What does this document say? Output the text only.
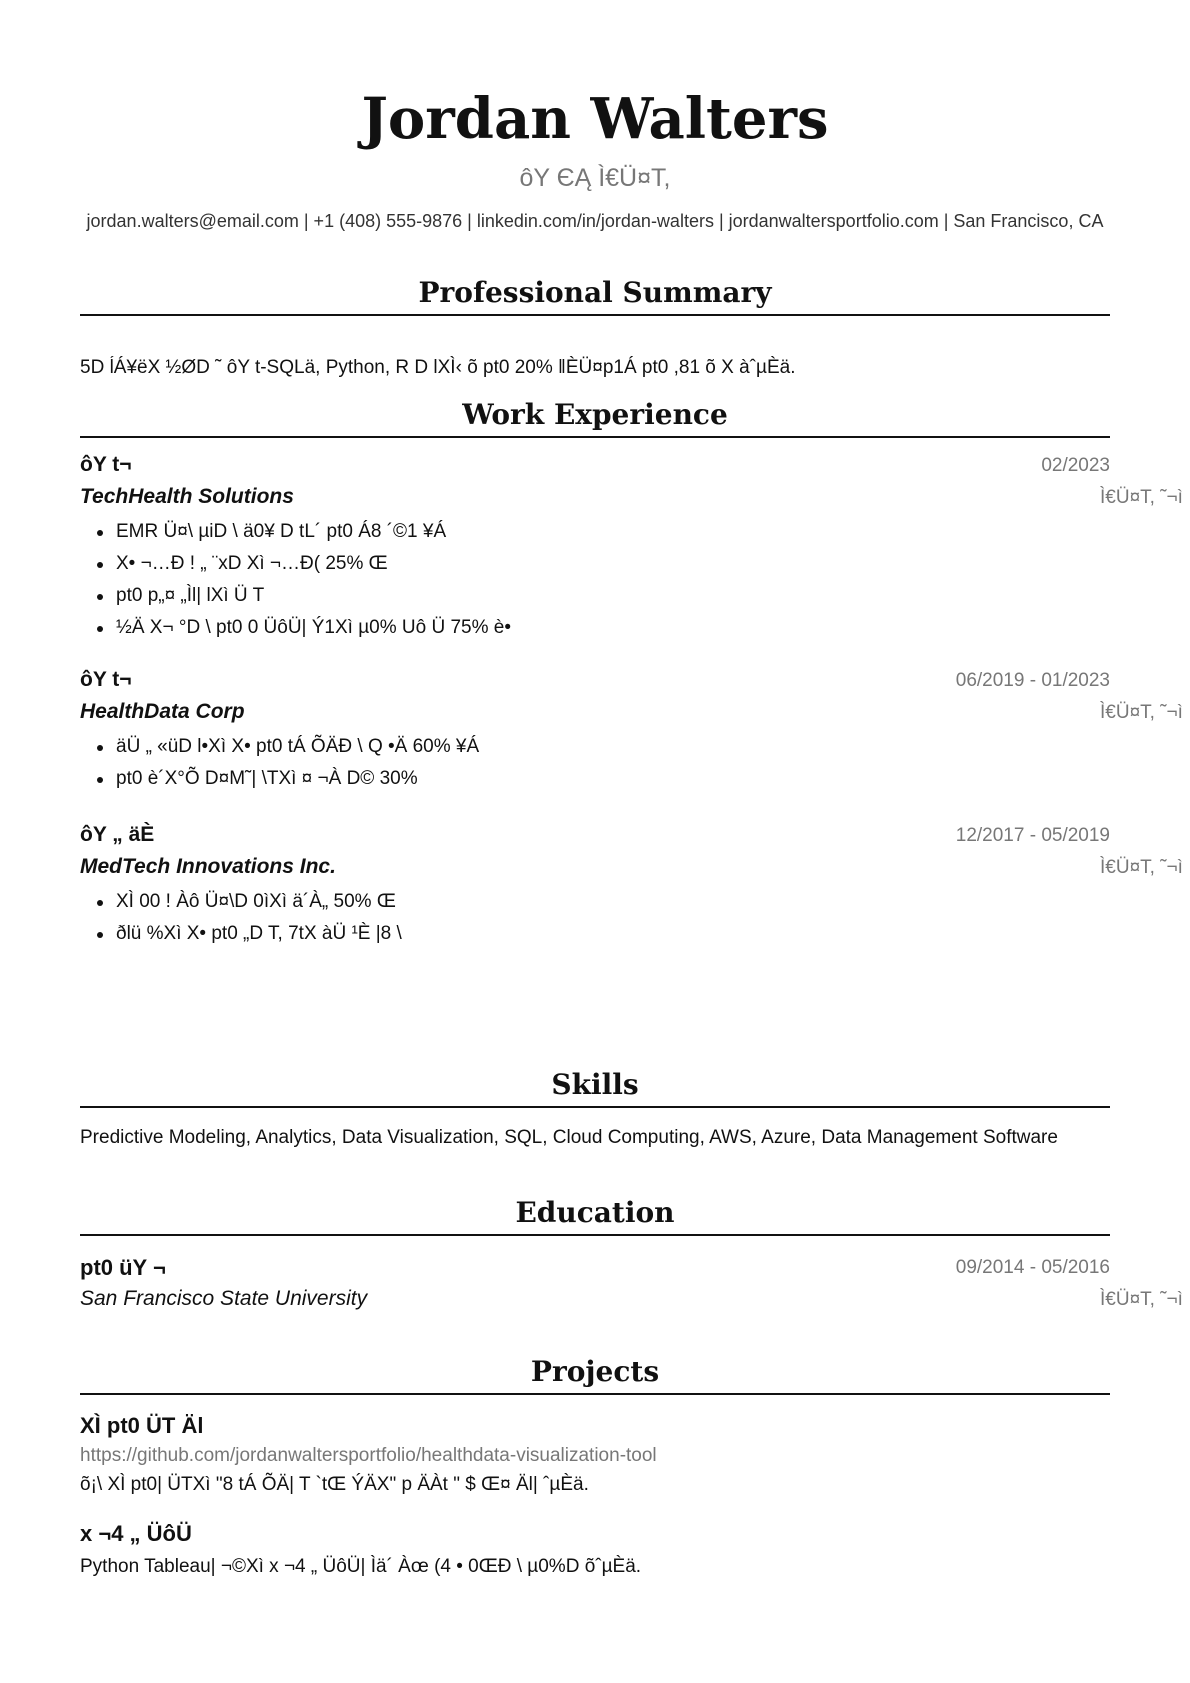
Jordan Walters
ôY ЄĄ Ì€Ü¤T,
jordan.walters@email.com | +1 (408) 555-9876 | linkedin.com/in/jordan-walters | jordanwaltersportfolio.com | San Francisco, CA
Professional Summary
5D ĺÁ¥ëX ½ØD ˜ ôY t-SQLä, Python, R D lXÌ‹ õ pt0 20% ‖ÈÜ¤p1Á pt0 ,81 õ X àˆµÈä.
Work Experience
ôY t¬	02/2023
TechHealth Solutions	Ì€Ü¤T, ˜¬ì
EMR Ü¤\ µiD \ ä0¥ D tL´ pt0 Á8 ´©1 ¥Á
X• ¬…Ð ! „ ¨xD Xì ¬…Ð( 25% Œ
pt0 p„¤ „Ìl| lXì Ü T
½Ä X¬ °D \ pt0 0 ÜôÜ| Ý1Xì µ0% Uô Ü 75% è•
ôY t¬	06/2019 - 01/2023
HealthData Corp	Ì€Ü¤T, ˜¬ì
äÜ „ «üD l•Xì X• pt0 tÁ ÕÄÐ \ Q •Ä 60% ¥Á
pt0 è´X°Õ D¤M˜| \TXì ¤ ¬À D© 30%
ôY „ äÈ	12/2017 - 05/2019
MedTech Innovations Inc.	Ì€Ü¤T, ˜¬ì
XÌ 00 ! Àô Ü¤\D 0ìXì ä´À„ 50% Œ
ðlü %Xì X• pt0 „D T, 7tX àÜ ¹È |8 \
Skills
Predictive Modeling, Analytics, Data Visualization, SQL, Cloud Computing, AWS, Azure, Data Management Software
Education
pt0 üY ¬	09/2014 - 05/2016
San Francisco State University	Ì€Ü¤T, ˜¬ì
Projects
XÌ pt0 ÜT Äl
https://github.com/jordanwaltersportfolio/healthdata-visualization-tool
õ¡\ XÌ pt0| ÜTXì "8 tÁ ÕÄ| T `tŒ ÝÄX" p ÄÀt " $ Œ¤ Äl| ˆµÈä.
x ¬4 „ ÜôÜ
Python Tableau| ¬©Xì x ¬4 „ ÜôÜ| Ìä´ Àœ (4 • 0ŒÐ \ µ0%D õˆµÈä.
